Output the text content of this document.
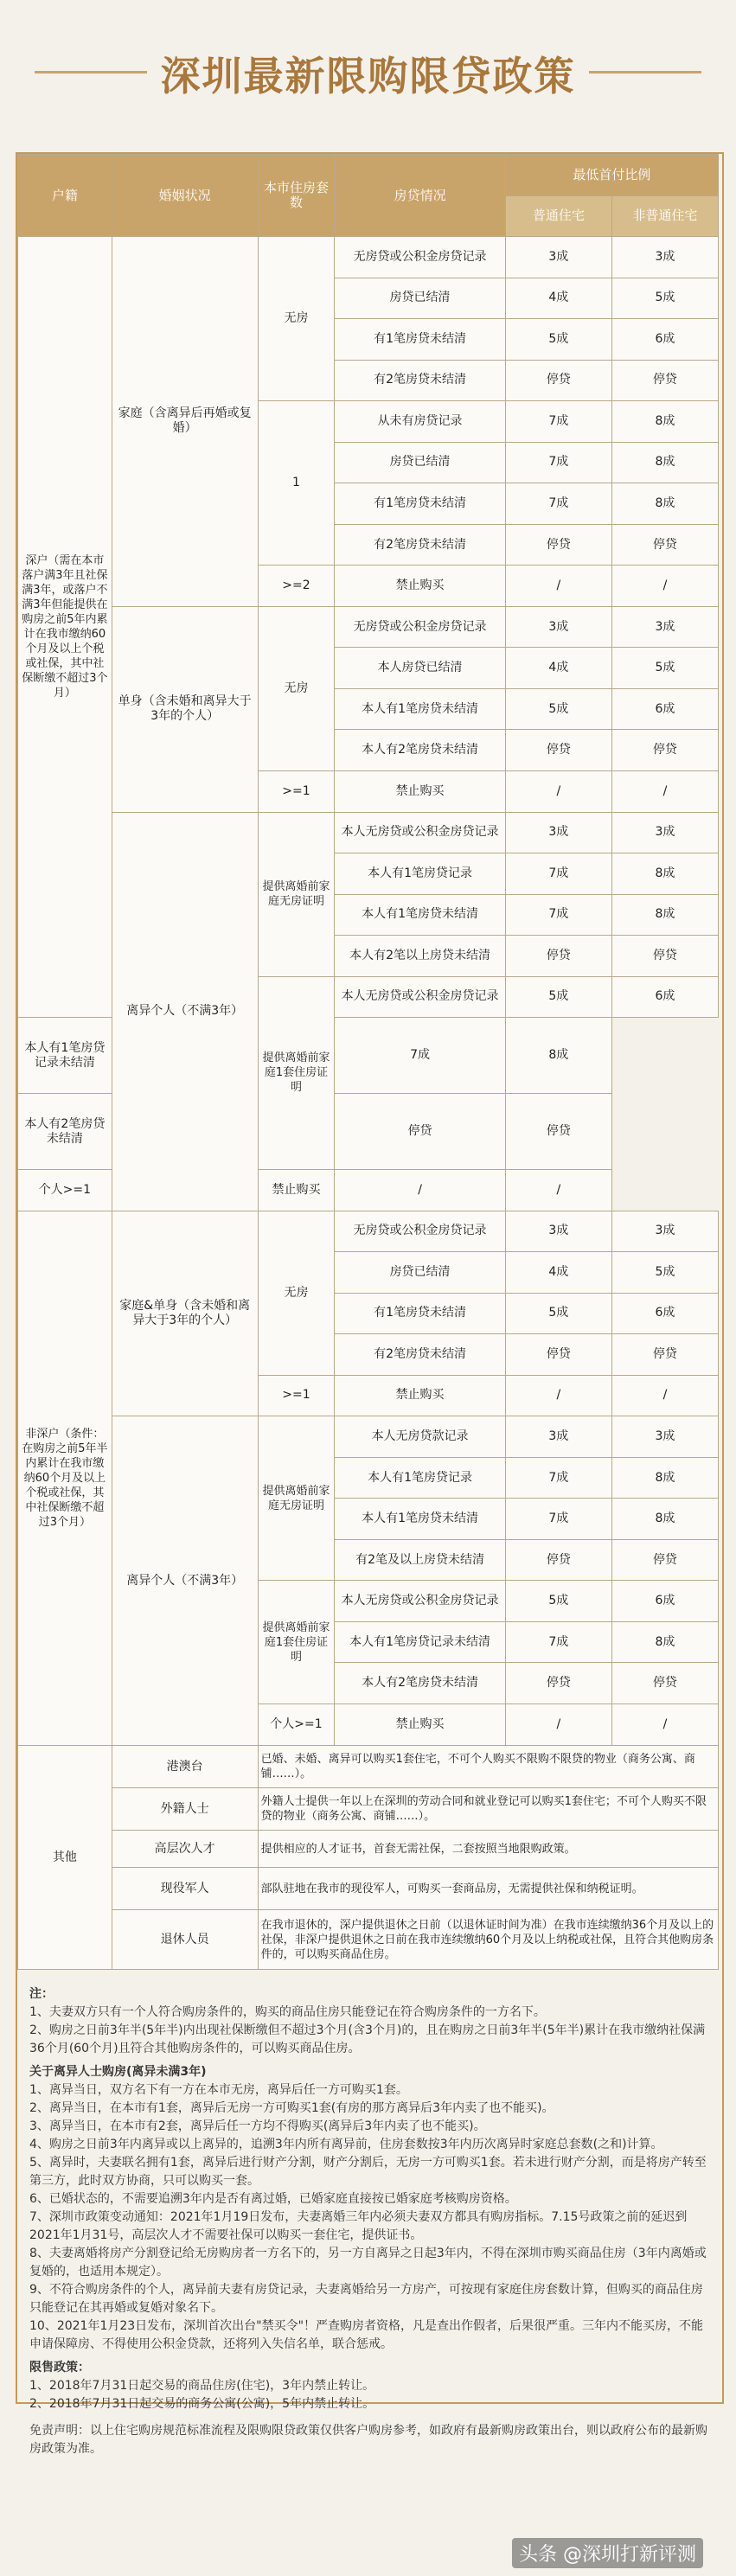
深圳最新限购限贷政策
户籍	婚姻状况	本市住房套数	房贷情况	最低首付比例	
				普通住宅	非普通住宅
深户（需在本市落户满3年且社保满3年，或落户不满3年但能提供在购房之前5年内累计在我市缴纳60个月及以上个税或社保，其中社保断缴不超过3个月）	家庭（含离异后再婚或复婚）	无房	无房贷或公积金房贷记录	3成	3成
			房贷已结清	4成	5成
			有1笔房贷未结清	5成	6成
			有2笔房贷未结清	停贷	停贷
		1	从未有房贷记录	7成	8成
			房贷已结清	7成	8成
			有1笔房贷未结清	7成	8成
			有2笔房贷未结清	停贷	停贷
		>=2	禁止购买	/	/
	单身（含未婚和离异大于3年的个人）	无房	无房贷或公积金房贷记录	3成	3成
			本人房贷已结清	4成	5成
			本人有1笔房贷未结清	5成	6成
			本人有2笔房贷未结清	停贷	停贷
		>=1	禁止购买	/	/
	离异个人（不满3年）	提供离婚前家庭无房证明	本人无房贷或公积金房贷记录	3成	3成
			本人有1笔房贷记录	7成	8成
			本人有1笔房贷未结清	7成	8成
			本人有2笔以上房贷未结清	停贷	停贷
		提供离婚前家庭1套住房证明	本人无房贷或公积金房贷记录	5成	6成
本人有1笔房贷记录未结清			7成	8成	
本人有2笔房贷未结清			停贷	停贷	
个人>=1		禁止购买	/	/	
非深户（条件：在购房之前5年半内累计在我市缴纳60个月及以上个税或社保，其中社保断缴不超过3个月）	家庭&单身（含未婚和离异大于3年的个人）	无房	无房贷或公积金房贷记录	3成	3成
			房贷已结清	4成	5成
			有1笔房贷未结清	5成	6成
			有2笔房贷未结清	停贷	停贷
		>=1	禁止购买	/	/
	离异个人（不满3年）	提供离婚前家庭无房证明	本人无房贷款记录	3成	3成
			本人有1笔房贷记录	7成	8成
			本人有1笔房贷未结清	7成	8成
			有2笔及以上房贷未结清	停贷	停贷
		提供离婚前家庭1套住房证明	本人无房贷或公积金房贷记录	5成	6成
			本人有1笔房贷记录未结清	7成	8成
			本人有2笔房贷未结清	停贷	停贷
		个人>=1	禁止购买	/	/
其他	港澳台	已婚、未婚、离异可以购买1套住宅，不可个人购买不限购不限贷的物业（商务公寓、商铺……）。			
	外籍人士	外籍人士提供一年以上在深圳的劳动合同和就业登记可以购买1套住宅；不可个人购买不限贷的物业（商务公寓、商铺……）。			
	高层次人才	提供相应的人才证书，首套无需社保，二套按照当地限购政策。			
	现役军人	部队驻地在我市的现役军人，可购买一套商品房，无需提供社保和纳税证明。			
	退休人员	在我市退休的，深户提供退休之日前（以退休证时间为准）在我市连续缴纳36个月及以上的社保，非深户提供退休之日前在我市连续缴纳60个月及以上纳税或社保，且符合其他购房条件的，可以购买商品住房。			

注：

1、夫妻双方只有一个人符合购房条件的，购买的商品住房只能登记在符合购房条件的一方名下。

2、购房之日前3年半(5年半)内出现社保断缴但不超过3个月(含3个月)的，且在购房之日前3年半(5年半)累计在我市缴纳社保满36个月(60个月)且符合其他购房条件的，可以购买商品住房。

关于离异人士购房(离异未满3年)

1、离异当日，双方名下有一方在本市无房，离异后任一方可购买1套。

2、离异当日，在本市有1套，离异后无房一方可购买1套(有房的那方离异后3年内卖了也不能买)。

3、离异当日，在本市有2套，离异后任一方均不得购买(离异后3年内卖了也不能买)。

4、购房之日前3年内离异或以上离异的，追溯3年内所有离异前，住房套数按3年内历次离异时家庭总套数(之和)计算。

5、离异时，夫妻联名拥有1套，离异后进行财产分割，财产分割后，无房一方可购买1套。若未进行财产分割，而是将房产转至第三方，此时双方协商，只可以购买一套。

6、已婚状态的，不需要追溯3年内是否有离过婚，已婚家庭直接按已婚家庭考核购房资格。

7、深圳市政策变动通知：2021年1月19日发布，夫妻离婚三年内必须夫妻双方都具有购房指标。7.15号政策之前的延迟到2021年1月31号，高层次人才不需要社保可以购买一套住宅，提供证书。

8、夫妻离婚将房产分割登记给无房购房者一方名下的，另一方自离异之日起3年内，不得在深圳市购买商品住房（3年内离婚或复婚的，也适用本规定）。

9、不符合购房条件的个人，离异前夫妻有房贷记录，夫妻离婚给另一方房产，可按现有家庭住房套数计算，但购买的商品住房只能登记在其再婚或复婚对象名下。

10、2021年1月23日发布，深圳首次出台"禁买令"！严查购房者资格，凡是查出作假者，后果很严重。三年内不能买房，不能申请保障房、不得使用公积金贷款，还将列入失信名单，联合惩戒。

限售政策：

1、2018年7月31日起交易的商品住房(住宅)，3年内禁止转让。

2、2018年7月31日起交易的商务公寓(公寓)，5年内禁止转让。

免责声明：以上住宅购房规范标准流程及限购限贷政策仅供客户购房参考，如政府有最新购房政策出台，则以政府公布的最新购房政策为准。

头条 @深圳打新评测
